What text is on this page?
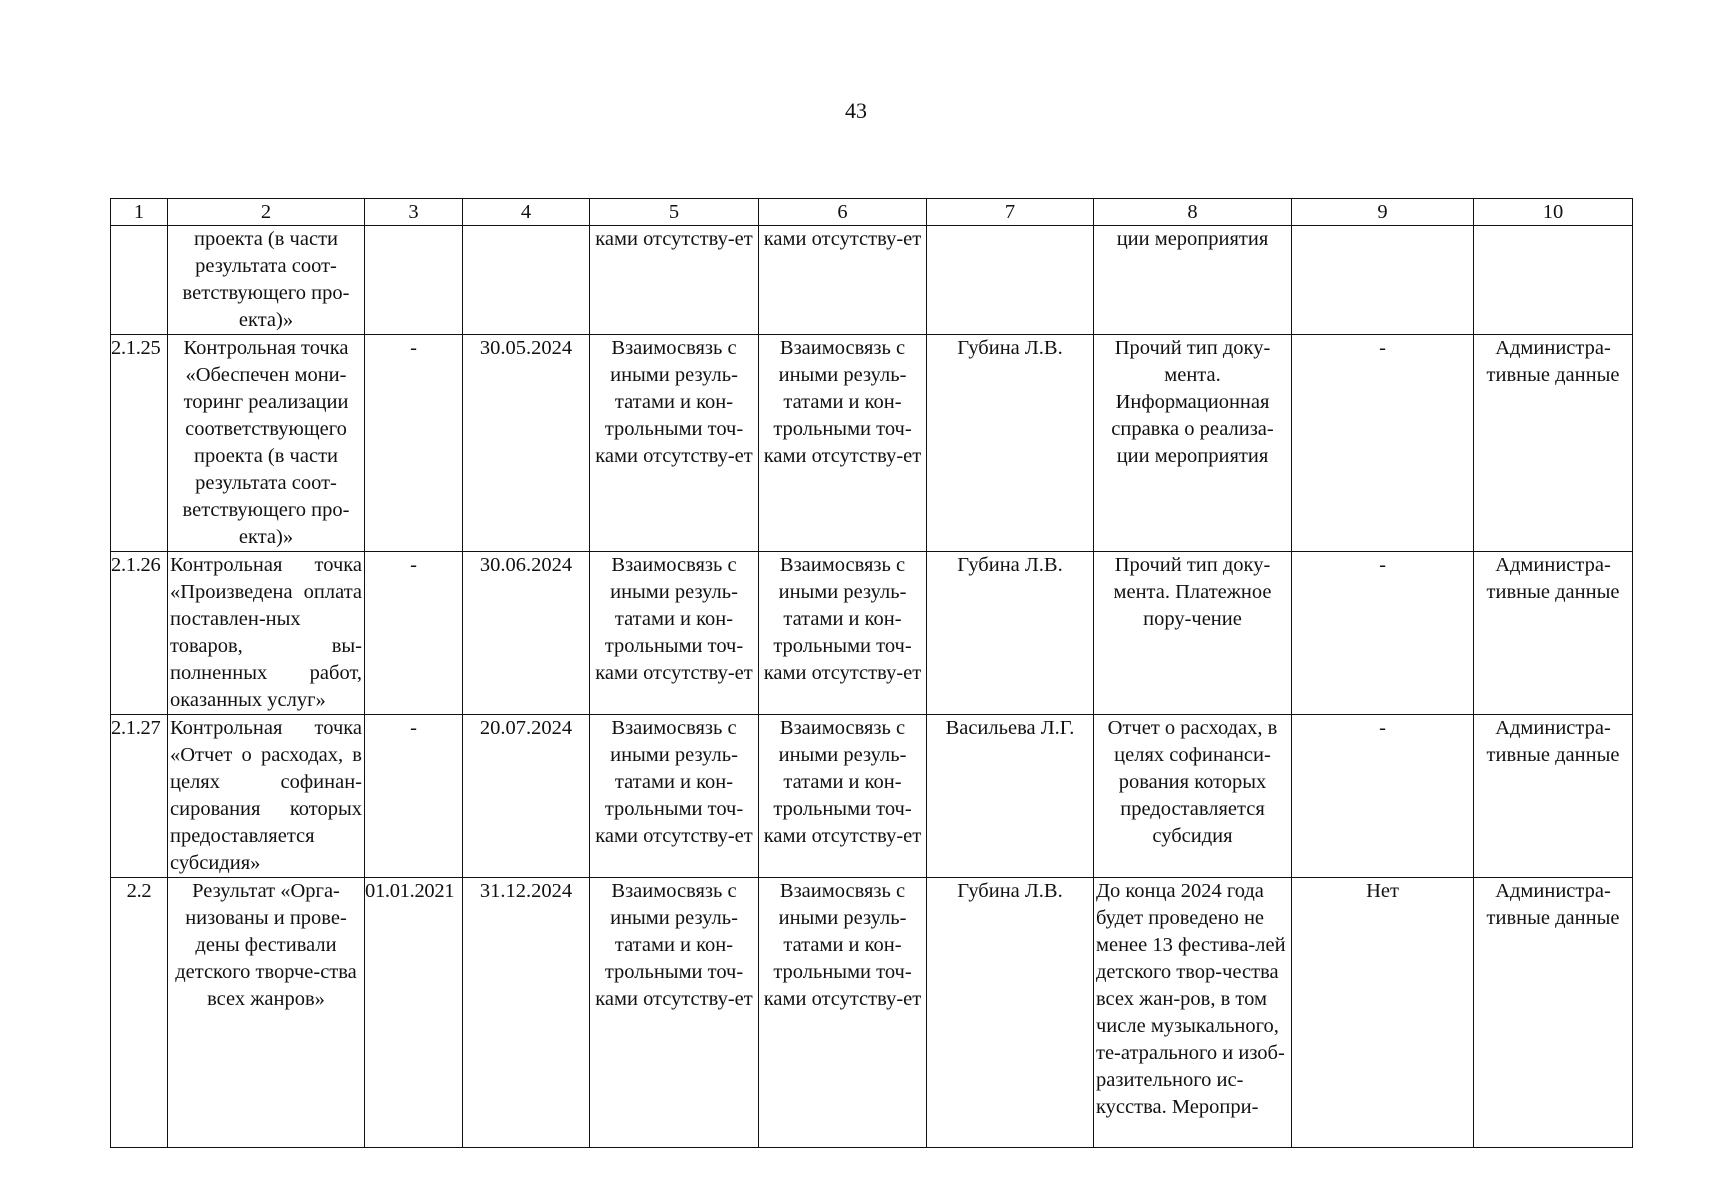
43
1	2	3	4	5	6	7	8	9	10
	проекта (в части результата соот-ветствующего про-екта)»			ками отсутству-ет	ками отсутству-ет		ции мероприятия		
2.1.25	Контрольная точка «Обеспечен мони-торинг реализации соответствующего проекта (в части результата соот-ветствующего про-екта)»	-	30.05.2024	Взаимосвязь с иными резуль-татами и кон-трольными точ-ками отсутству-ет	Взаимосвязь с иными резуль-татами и кон-трольными точ-ками отсутству-ет	Губина Л.В.	Прочий тип доку-мента. Информационная справка о реализа-ции мероприятия	-	Администра-тивные данные
2.1.26	Контрольная точка «Произведена оплата поставлен-ных товаров, вы-полненных работ, оказанных услуг»	-	30.06.2024	Взаимосвязь с иными резуль-татами и кон-трольными точ-ками отсутству-ет	Взаимосвязь с иными резуль-татами и кон-трольными точ-ками отсутству-ет	Губина Л.В.	Прочий тип доку-мента. Платежное пору-чение	-	Администра-тивные данные
2.1.27	Контрольная точка «Отчет о расходах, в целях софинан-сирования которых предоставляется субсидия»	-	20.07.2024	Взаимосвязь с иными резуль-татами и кон-трольными точ-ками отсутству-ет	Взаимосвязь с иными резуль-татами и кон-трольными точ-ками отсутству-ет	Васильева Л.Г.	Отчет о расходах, в целях софинанси-рования которых предоставляется субсидия	-	Администра-тивные данные
2.2	Результат «Орга-низованы и прове-дены фестивали детского творче-ства всех жанров»	01.01.2021	31.12.2024	Взаимосвязь с иными резуль-татами и кон-трольными точ-ками отсутству-ет	Взаимосвязь с иными резуль-татами и кон-трольными точ-ками отсутству-ет	Губина Л.В.	До конца 2024 года будет проведено не менее 13 фестива-лей детского твор-чества всех жан-ров, в том числе музыкального, те-атрального и изоб-разительного ис-кусства. Меропри-	Нет	Администра-тивные данные
